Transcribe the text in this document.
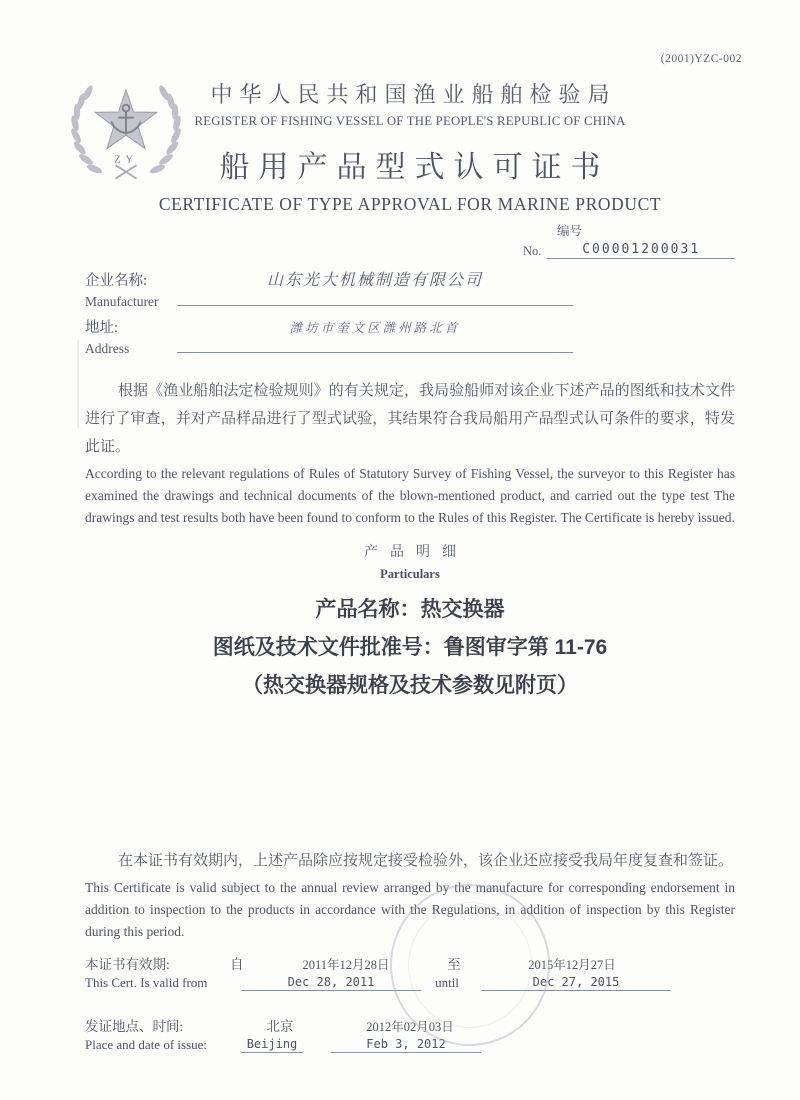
(2001)YZC-002
ZY
中华人民共和国渔业船舶检验局
REGISTER OF FISHING VESSEL OF THE PEOPLE'S REPUBLIC OF CHINA
船用产品型式认可证书
CERTIFICATE OF TYPE APPROVAL FOR MARINE PRODUCT
编号
No.	C00001200031
企业名称:	山东光大机械制造有限公司
Manufacturer
地址:	潍坊市奎文区潍州路北首
Address
根据《渔业船舶法定检验规则》的有关规定，我局验船师对该企业下述产品的图纸和技术文件进行了审查，并对产品样品进行了型式试验，其结果符合我局船用产品型式认可条件的要求，特发此证。
According to the relevant regulations of Rules of Statutory Survey of Fishing Vessel, the surveyor to this Register has examined the drawings and technical documents of the blown-mentioned product, and carried out the type test The drawings and test results both have been found to conform to the Rules of this Register. The Certificate is hereby issued.
产品明细
Particulars
产品名称：热交换器
图纸及技术文件批准号：鲁图审字第 11-76
（热交换器规格及技术参数见附页）
在本证书有效期内，上述产品除应按规定接受检验外，该企业还应接受我局年度复查和签证。
This Certificate is valid subject to the annual review arranged by the manufacture for corresponding endorsement in addition to inspection to the products in accordance with the Regulations, in addition of inspection by this Register during this period.
本证书有效期:	自	2011年12月28日	至	2015年12月27日
This Cert. Is valid from	Dec 28, 2011	until	Dec 27, 2015
发证地点、时间:	北京	2012年02月03日
Place and date of issue:	Beijing	Feb 3, 2012
